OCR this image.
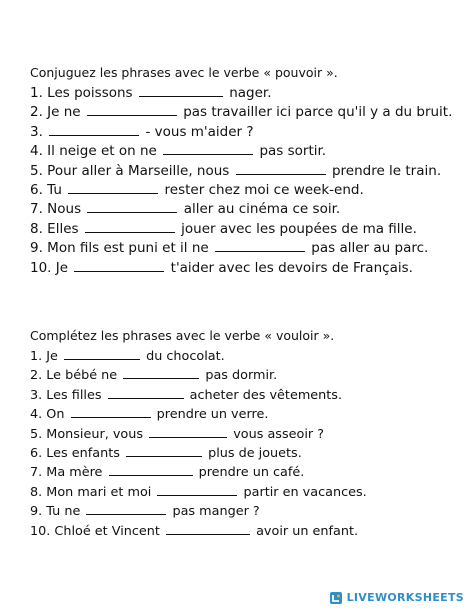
Conjuguez les phrases avec le verbe « pouvoir ».
1. Les poissons	nager.
2. Je ne	pas travailler ici parce qu'il y a du bruit.
3.	- vous m'aider ?
4. Il neige et on ne	pas sortir.
5. Pour aller à Marseille, nous	prendre le train.
6. Tu	rester chez moi ce week-end.
7. Nous	aller au cinéma ce soir.
8. Elles	jouer avec les poupées de ma fille.
9. Mon fils est puni et il ne	pas aller au parc.
10. Je	t'aider avec les devoirs de Français.
Complétez les phrases avec le verbe « vouloir ».
1. Je	du chocolat.
2. Le bébé ne	pas dormir.
3. Les filles	acheter des vêtements.
4. On	prendre un verre.
5. Monsieur, vous	vous asseoir ?
6. Les enfants	plus de jouets.
7. Ma mère	prendre un café.
8. Mon mari et moi	partir en vacances.
9. Tu ne	pas manger ?
10. Chloé et Vincent	avoir un enfant.
LIVEWORKSHEETS
